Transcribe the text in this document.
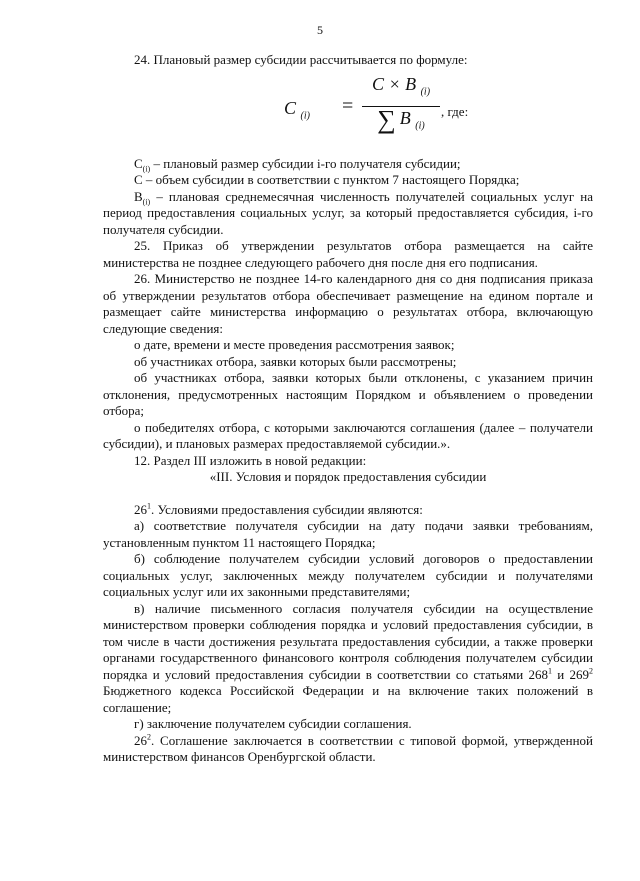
5

24. Плановый размер субсидии рассчитывается по формуле:

C $_{(i)}$ =
C × B $_{(i)}$
∑ B $_{(i)}$
, где:

$С_{(i)}$ – плановый размер субсидии i-го получателя субсидии;

С – объем субсидии в соответствии с пунктом 7 настоящего Порядка;

$В_{(i)}$ – плановая среднемесячная численность получателей социальных услуг на период предоставления социальных услуг, за который предоставляется субсидия, i-го получателя субсидии.

25. Приказ об утверждении результатов отбора размещается на сайте министерства не позднее следующего рабочего дня после дня его подписания.

26. Министерство не позднее 14-го календарного дня со дня подписания приказа об утверждении результатов отбора обеспечивает размещение на едином портале и размещает сайте министерства информацию о результатах отбора, включающую следующие сведения:

о дате, времени и месте проведения рассмотрения заявок;

об участниках отбора, заявки которых были рассмотрены;

об участниках отбора, заявки которых были отклонены, с указанием причин отклонения, предусмотренных настоящим Порядком и объявлением о проведении отбора;

о победителях отбора, с которыми заключаются соглашения (далее – получатели субсидии), и плановых размерах предоставляемой субсидии.».

12. Раздел III изложить в новой редакции:

«III. Условия и порядок предоставления субсидии

$26^1$. Условиями предоставления субсидии являются:

а) соответствие получателя субсидии на дату подачи заявки требованиям, установленным пунктом 11 настоящего Порядка;

б) соблюдение получателем субсидии условий договоров о предоставлении социальных услуг, заключенных между получателем субсидии и получателями социальных услуг или их законными представителями;

в) наличие письменного согласия получателя субсидии на осуществление министерством проверки соблюдения порядка и условий предоставления субсидии, в том числе в части достижения результата предоставления субсидии, а также проверки органами государственного финансового контроля соблюдения получателем субсидии порядка и условий предоставления субсидии в соответствии со статьями $268^1$ и $269^2$ Бюджетного кодекса Российской Федерации и на включение таких положений в соглашение;

г) заключение получателем субсидии соглашения.

$26^2$. Соглашение заключается в соответствии с типовой формой, утвержденной министерством финансов Оренбургской области.
